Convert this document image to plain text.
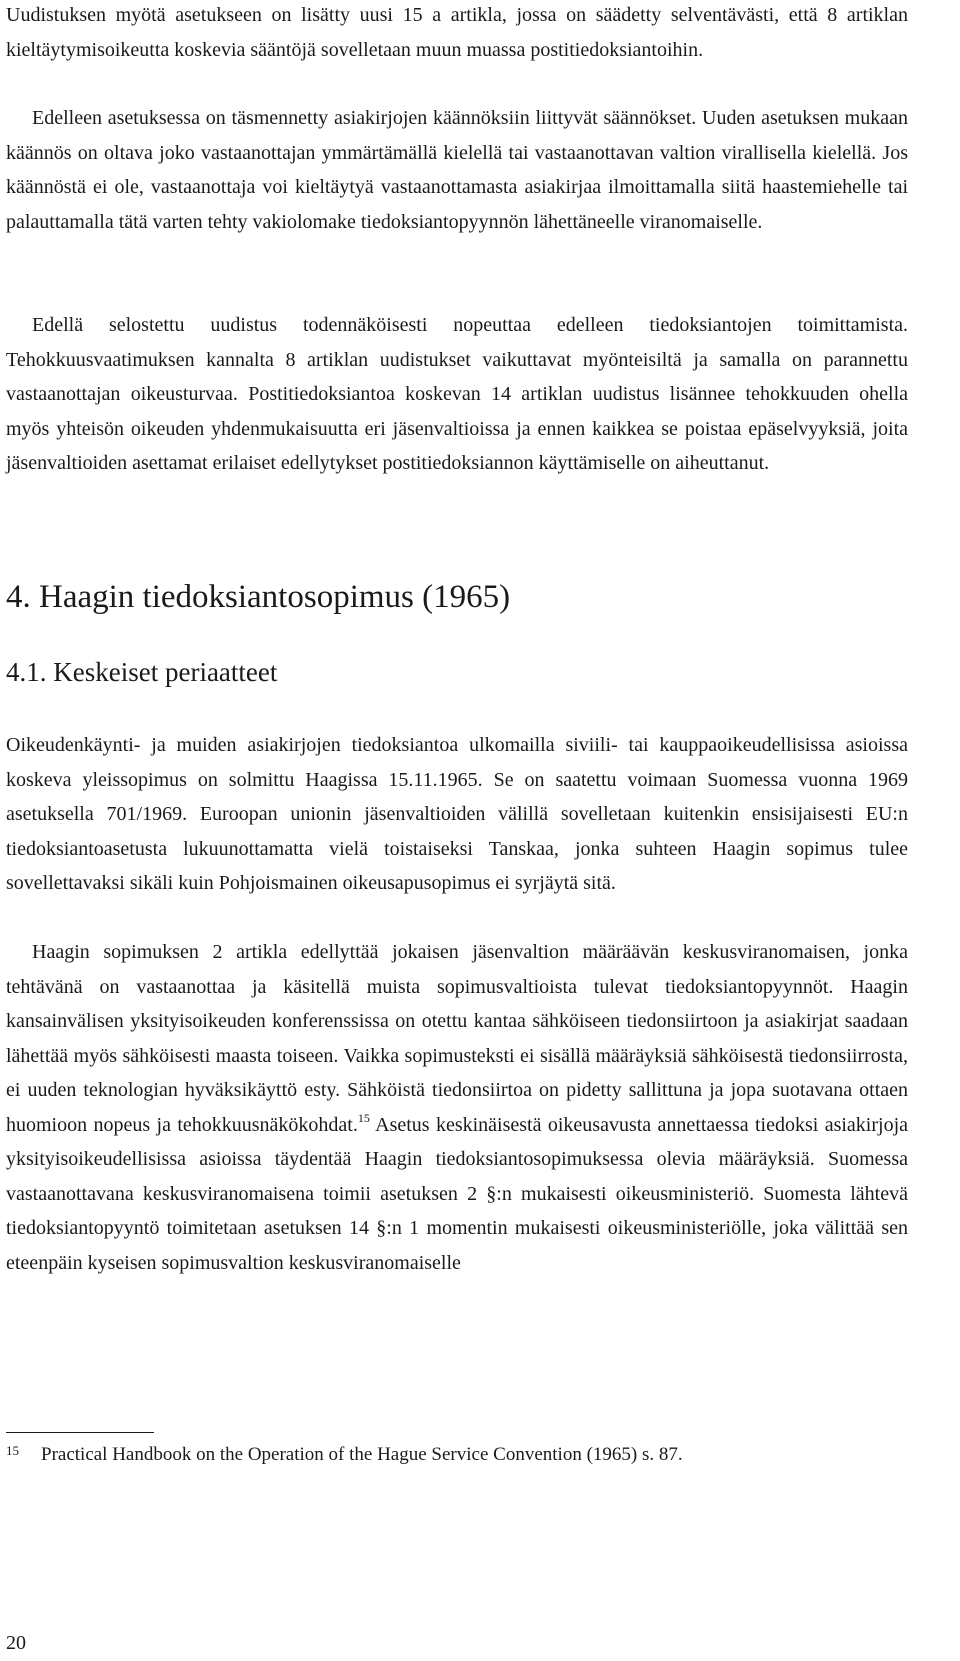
Uudistuksen myötä asetukseen on lisätty uusi 15 a artikla, jossa on säädetty selventävästi, että 8 artiklan kieltäytymisoikeutta koskevia sääntöjä sovelletaan muun muassa postitiedoksiantoihin.

Edelleen asetuksessa on täsmennetty asiakirjojen käännöksiin liittyvät säännökset. Uuden asetuksen mukaan käännös on oltava joko vastaanottajan ymmärtämällä kielellä tai vastaanottavan valtion virallisella kielellä. Jos käännöstä ei ole, vastaanottaja voi kieltäytyä vastaanottamasta asiakirjaa ilmoittamalla siitä haastemiehelle tai palauttamalla tätä varten tehty vakiolomake tiedoksiantopyynnön lähettäneelle viranomaiselle.

Edellä selostettu uudistus todennäköisesti nopeuttaa edelleen tiedoksiantojen toimittamista. Tehokkuusvaatimuksen kannalta 8 artiklan uudistukset vaikuttavat myönteisiltä ja samalla on parannettu vastaanottajan oikeusturvaa. Postitiedoksiantoa koskevan 14 artiklan uudistus lisännee tehokkuuden ohella myös yhteisön oikeuden yhdenmukaisuutta eri jäsenvaltioissa ja ennen kaikkea se poistaa epäselvyyksiä, joita jäsenvaltioiden asettamat erilaiset edellytykset postitiedoksiannon käyttämiselle on aiheuttanut.

4. Haagin tiedoksiantosopimus (1965)
4.1. Keskeiset periaatteet

Oikeudenkäynti- ja muiden asiakirjojen tiedoksiantoa ulkomailla siviili- tai kauppaoikeudellisissa asioissa koskeva yleissopimus on solmittu Haagissa 15.11.1965. Se on saatettu voimaan Suomessa vuonna 1969 asetuksella 701/1969. Euroopan unionin jäsenvaltioiden välillä sovelletaan kuitenkin ensisijaisesti EU:n tiedoksiantoasetusta lukuunottamatta vielä toistaiseksi Tanskaa, jonka suhteen Haagin sopimus tulee sovellettavaksi sikäli kuin Pohjoismainen oikeusapusopimus ei syrjäytä sitä.

Haagin sopimuksen 2 artikla edellyttää jokaisen jäsenvaltion määräävän keskusviranomaisen, jonka tehtävänä on vastaanottaa ja käsitellä muista sopimusvaltioista tulevat tiedoksiantopyynnöt. Haagin kansainvälisen yksityisoikeuden konferenssissa on otettu kantaa sähköiseen tiedonsiirtoon ja asiakirjat saadaan lähettää myös sähköisesti maasta toiseen. Vaikka sopimusteksti ei sisällä määräyksiä sähköisestä tiedonsiirrosta, ei uuden teknologian hyväksikäyttö esty. Sähköistä tiedonsiirtoa on pidetty sallittuna ja jopa suotavana ottaen huomioon nopeus ja tehokkuusnäkökohdat.$^{15}$ Asetus keskinäisestä oikeusavusta annettaessa tiedoksi asiakirjoja yksityisoikeudellisissa asioissa täydentää Haagin tiedoksiantosopimuksessa olevia määräyksiä. Suomessa vastaanottavana keskusviranomaisena toimii asetuksen 2 §:n mukaisesti oikeusministeriö. Suomesta lähtevä tiedoksiantopyyntö toimitetaan asetuksen 14 §:n 1 momentin mukaisesti oikeusministeriölle, joka välittää sen eteenpäin kyseisen sopimusvaltion keskusviranomaiselle

15 Practical Handbook on the Operation of the Hague Service Convention (1965) s. 87.
20
